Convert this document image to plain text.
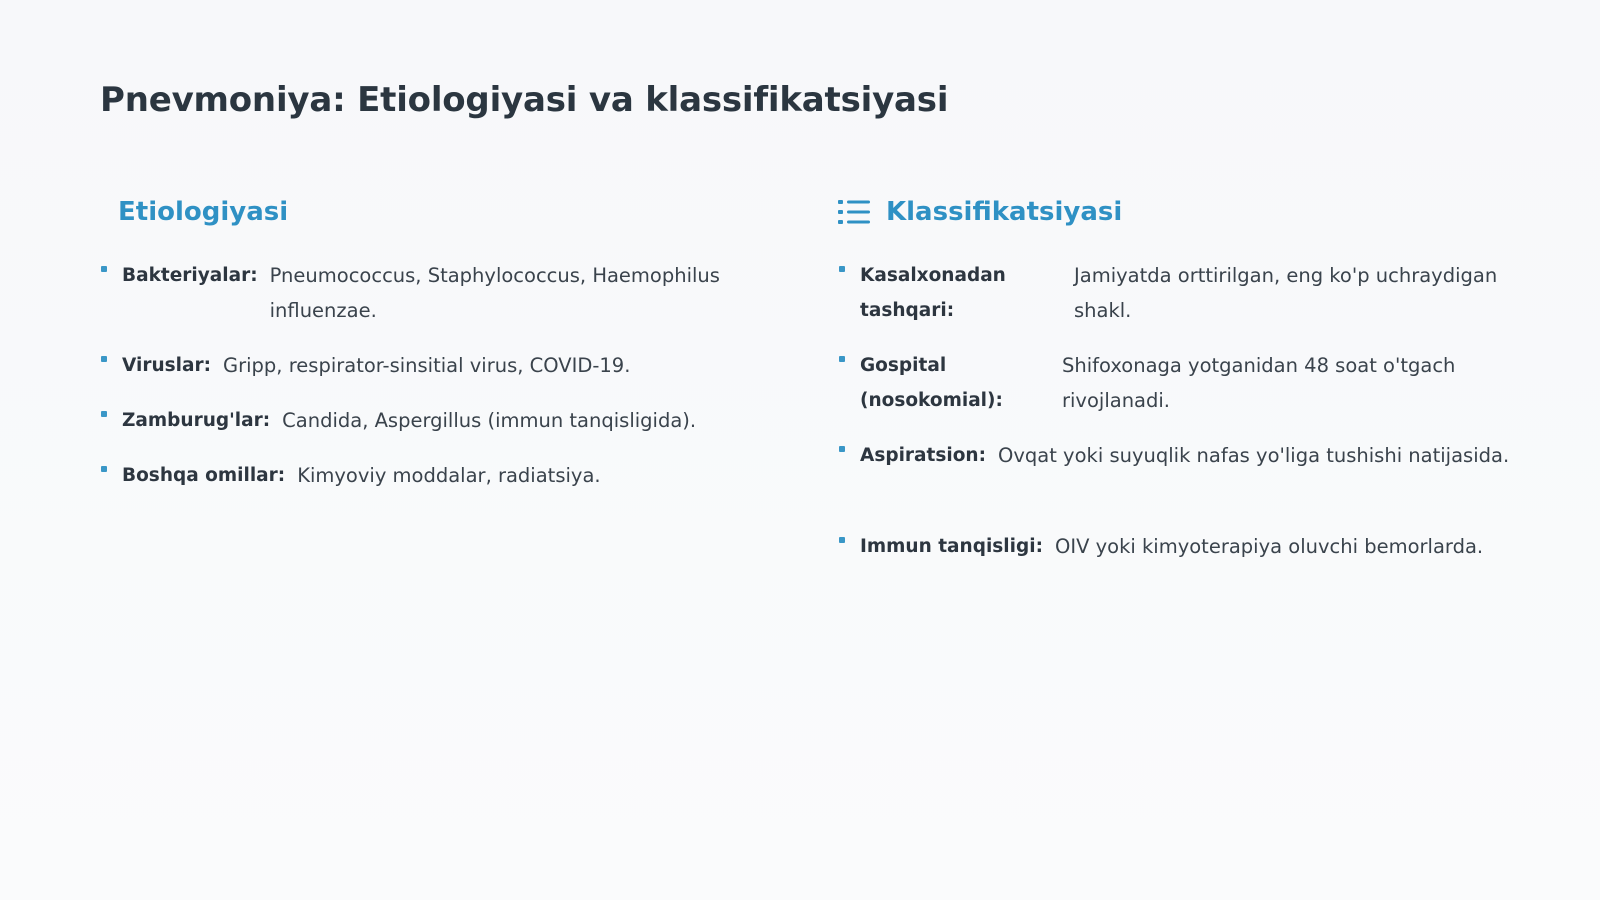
Pnevmoniya: Etiologiyasi va klassifikatsiyasi
Etiologiyasi
Bakteriyalar: Pneumococcus, Staphylococcus, Haemophilus influenzae.
Viruslar: Gripp, respirator-sinsitial virus, COVID-19.
Zamburug'lar: Candida, Aspergillus (immun tanqisligida).
Boshqa omillar: Kimyoviy moddalar, radiatsiya.
Klassifikatsiyasi
Kasalxonadan tashqari:
Jamiyatda orttirilgan, eng ko'p uchraydigan shakl.
Gospital (nosokomial):
Shifoxonaga yotganidan 48 soat o'tgach rivojlanadi.
Aspiratsion: Ovqat yoki suyuqlik nafas yo'liga tushishi natijasida.
Immun tanqisligi: OIV yoki kimyoterapiya oluvchi bemorlarda.
